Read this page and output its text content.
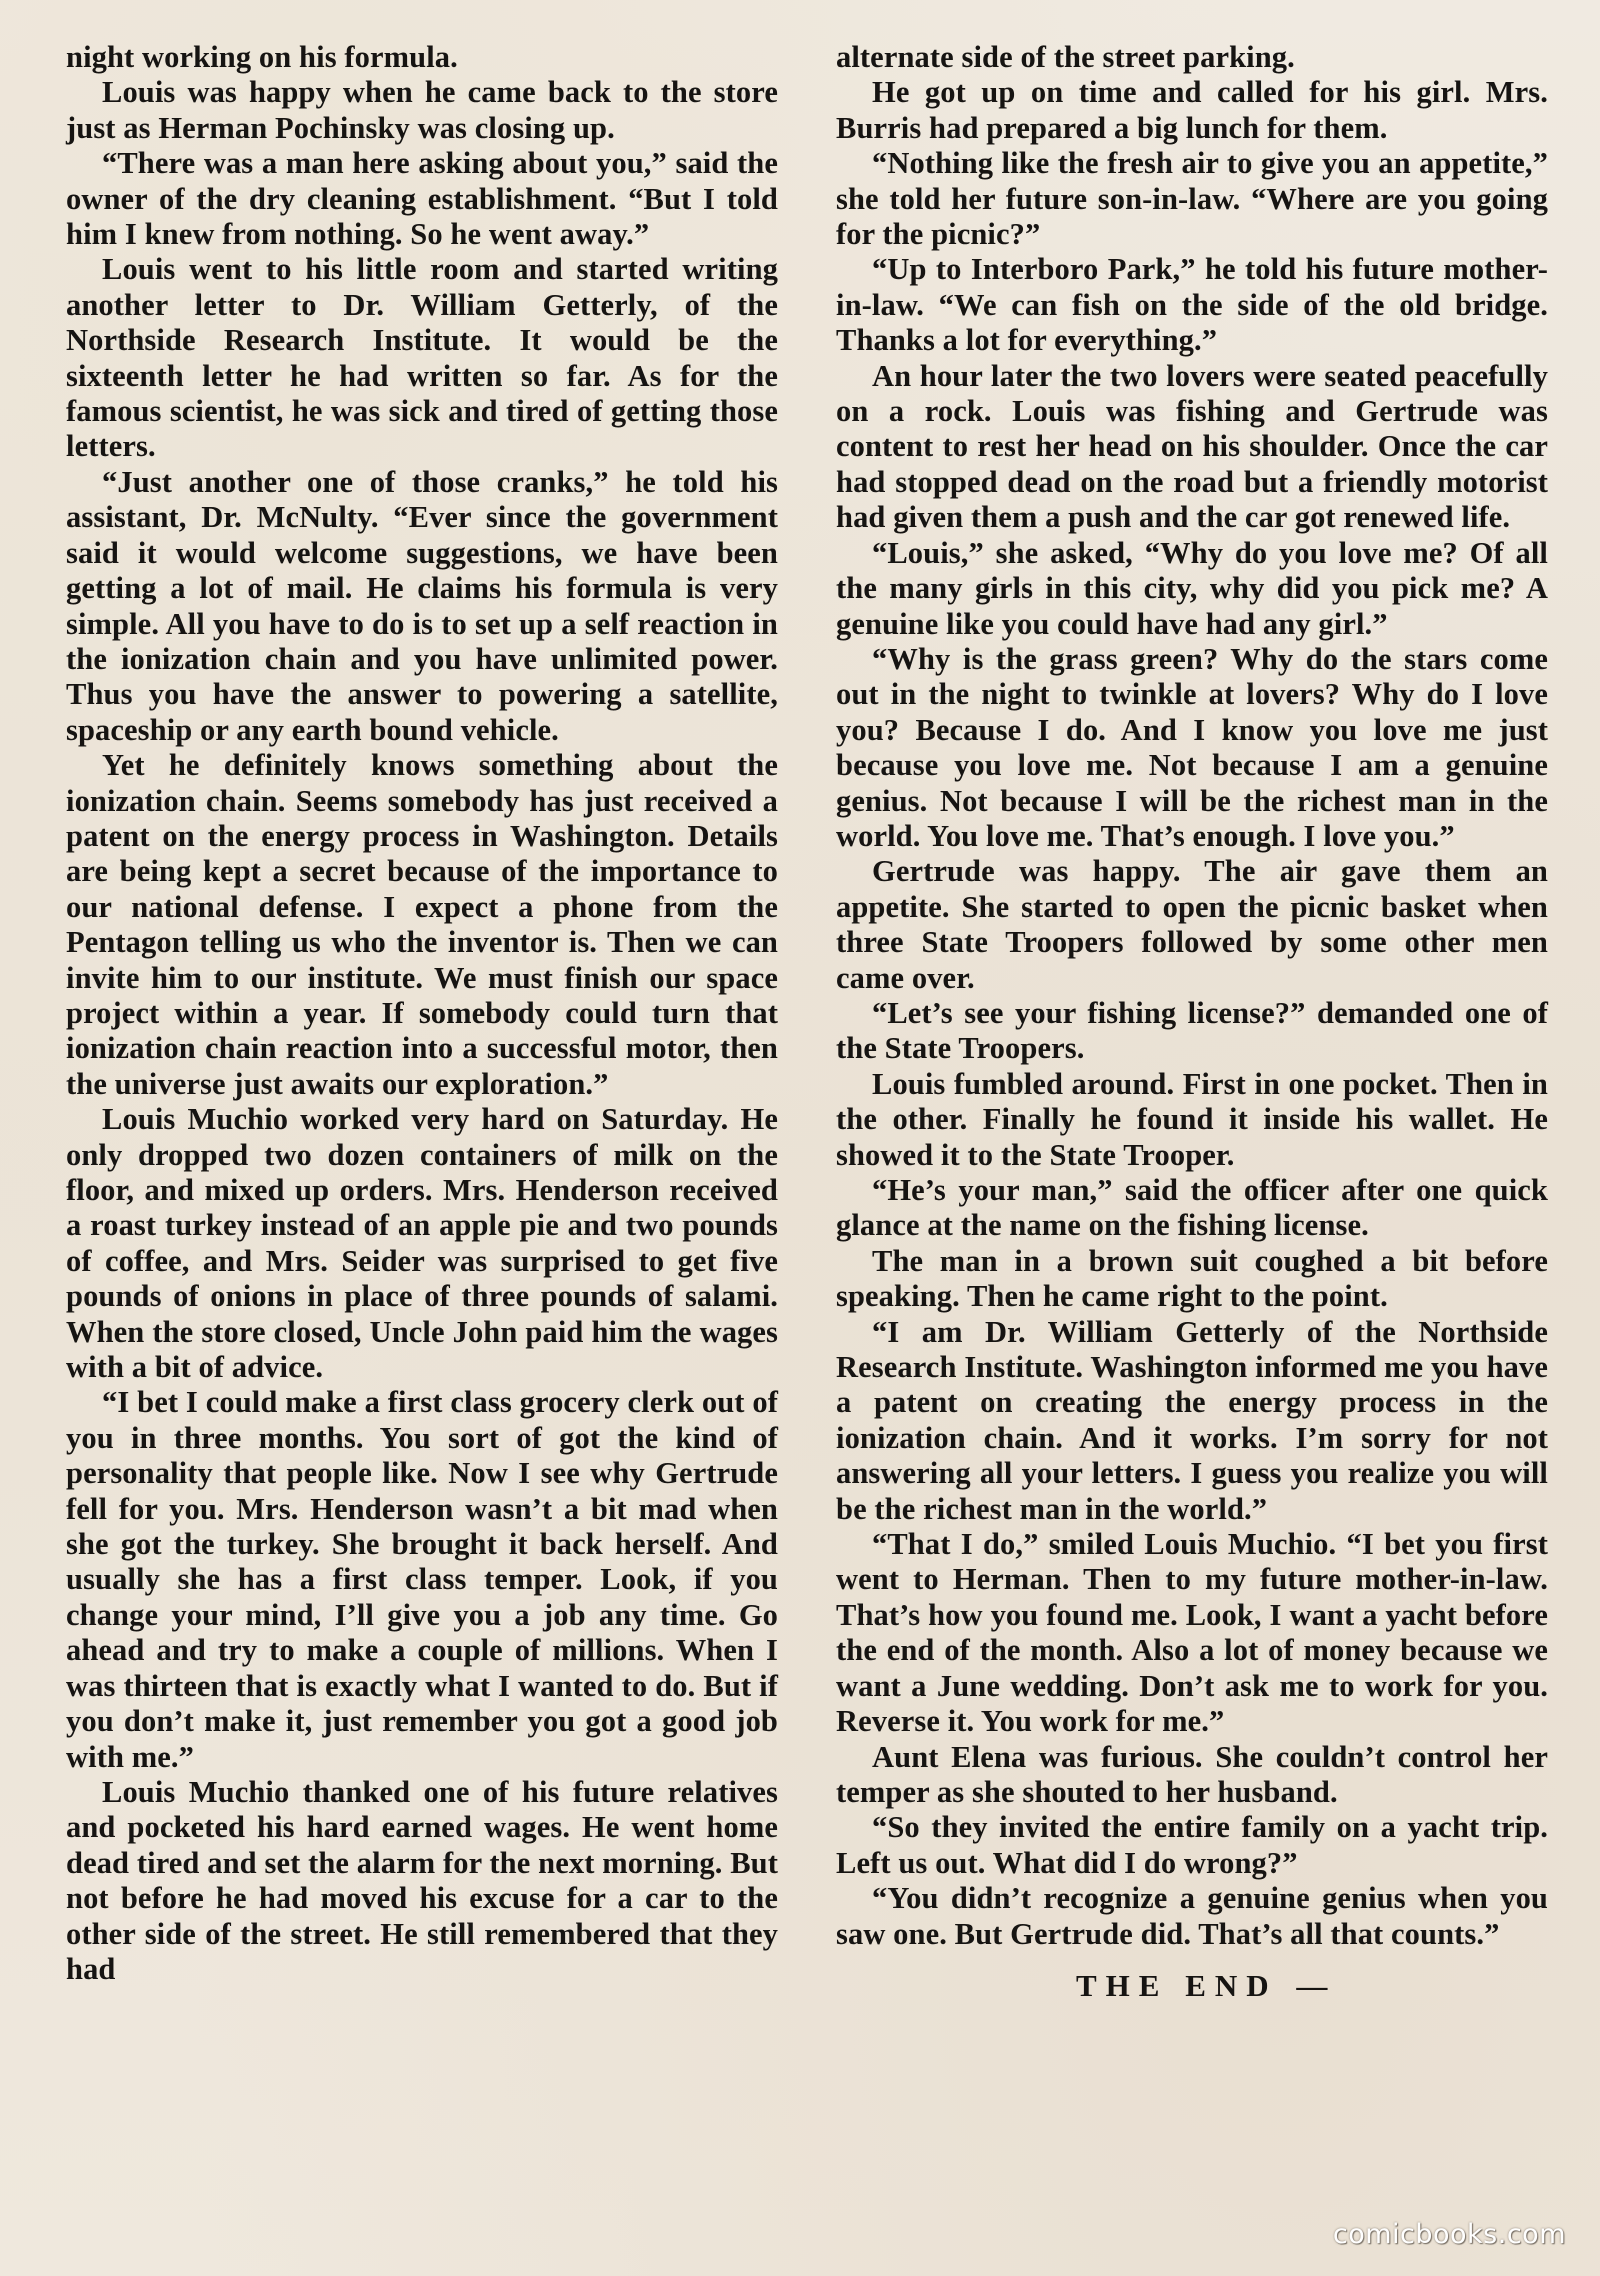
night working on his formula.

Louis was happy when he came back to the store just as Herman Pochinsky was closing up.

“There was a man here asking about you,” said the owner of the dry cleaning establishment. “But I told him I knew from nothing. So he went away.”

Louis went to his little room and started writing another letter to Dr. William Getterly, of the Northside Research Institute. It would be the sixteenth letter he had written so far. As for the famous scientist, he was sick and tired of getting those letters.

“Just another one of those cranks,” he told his assistant, Dr. McNulty. “Ever since the government said it would welcome suggestions, we have been getting a lot of mail. He claims his formula is very simple. All you have to do is to set up a self reaction in the ionization chain and you have unlimited power. Thus you have the answer to powering a satellite, spaceship or any earth bound vehicle.

Yet he definitely knows something about the ionization chain. Seems somebody has just received a patent on the energy process in Washington. Details are being kept a secret because of the importance to our national defense. I expect a phone from the Pentagon telling us who the inventor is. Then we can invite him to our institute. We must finish our space project within a year. If somebody could turn that ionization chain reaction into a successful motor, then the universe just awaits our exploration.”

Louis Muchio worked very hard on Saturday. He only dropped two dozen containers of milk on the floor, and mixed up orders. Mrs. Henderson received a roast turkey instead of an apple pie and two pounds of coffee, and Mrs. Seider was surprised to get five pounds of onions in place of three pounds of salami. When the store closed, Uncle John paid him the wages with a bit of advice.

“I bet I could make a first class grocery clerk out of you in three months. You sort of got the kind of personality that people like. Now I see why Gertrude fell for you. Mrs. Henderson wasn’t a bit mad when she got the turkey. She brought it back herself. And usually she has a first class temper. Look, if you change your mind, I’ll give you a job any time. Go ahead and try to make a couple of millions. When I was thirteen that is exactly what I wanted to do. But if you don’t make it, just remember you got a good job with me.”

Louis Muchio thanked one of his future relatives and pocketed his hard earned wages. He went home dead tired and set the alarm for the next morning. But not before he had moved his excuse for a car to the other side of the street. He still remembered that they had

alternate side of the street parking.

He got up on time and called for his girl. Mrs. Burris had prepared a big lunch for them.

“Nothing like the fresh air to give you an appetite,” she told her future son-in-law. “Where are you going for the picnic?”

“Up to Interboro Park,” he told his future mother-in-law. “We can fish on the side of the old bridge. Thanks a lot for everything.”

An hour later the two lovers were seated peacefully on a rock. Louis was fishing and Gertrude was content to rest her head on his shoulder. Once the car had stopped dead on the road but a friendly motorist had given them a push and the car got renewed life.

“Louis,” she asked, “Why do you love me? Of all the many girls in this city, why did you pick me? A genuine like you could have had any girl.”

“Why is the grass green? Why do the stars come out in the night to twinkle at lovers? Why do I love you? Because I do. And I know you love me just because you love me. Not because I am a genuine genius. Not because I will be the richest man in the world. You love me. That’s enough. I love you.”

Gertrude was happy. The air gave them an appetite. She started to open the picnic basket when three State Troopers followed by some other men came over.

“Let’s see your fishing license?” demanded one of the State Troopers.

Louis fumbled around. First in one pocket. Then in the other. Finally he found it inside his wallet. He showed it to the State Trooper.

“He’s your man,” said the officer after one quick glance at the name on the fishing license.

The man in a brown suit coughed a bit before speaking. Then he came right to the point.

“I am Dr. William Getterly of the Northside Research Institute. Washington informed me you have a patent on creating the energy process in the ionization chain. And it works. I’m sorry for not answering all your letters. I guess you realize you will be the richest man in the world.”

“That I do,” smiled Louis Muchio. “I bet you first went to Herman. Then to my future mother-in-law. That’s how you found me. Look, I want a yacht before the end of the month. Also a lot of money because we want a June wedding. Don’t ask me to work for you. Reverse it. You work for me.”

Aunt Elena was furious. She couldn’t control her temper as she shouted to her husband.

“So they invited the entire family on a yacht trip. Left us out. What did I do wrong?”

“You didn’t recognize a genuine genius when you saw one. But Gertrude did. That’s all that counts.”

THE END —

comicbooks.com
